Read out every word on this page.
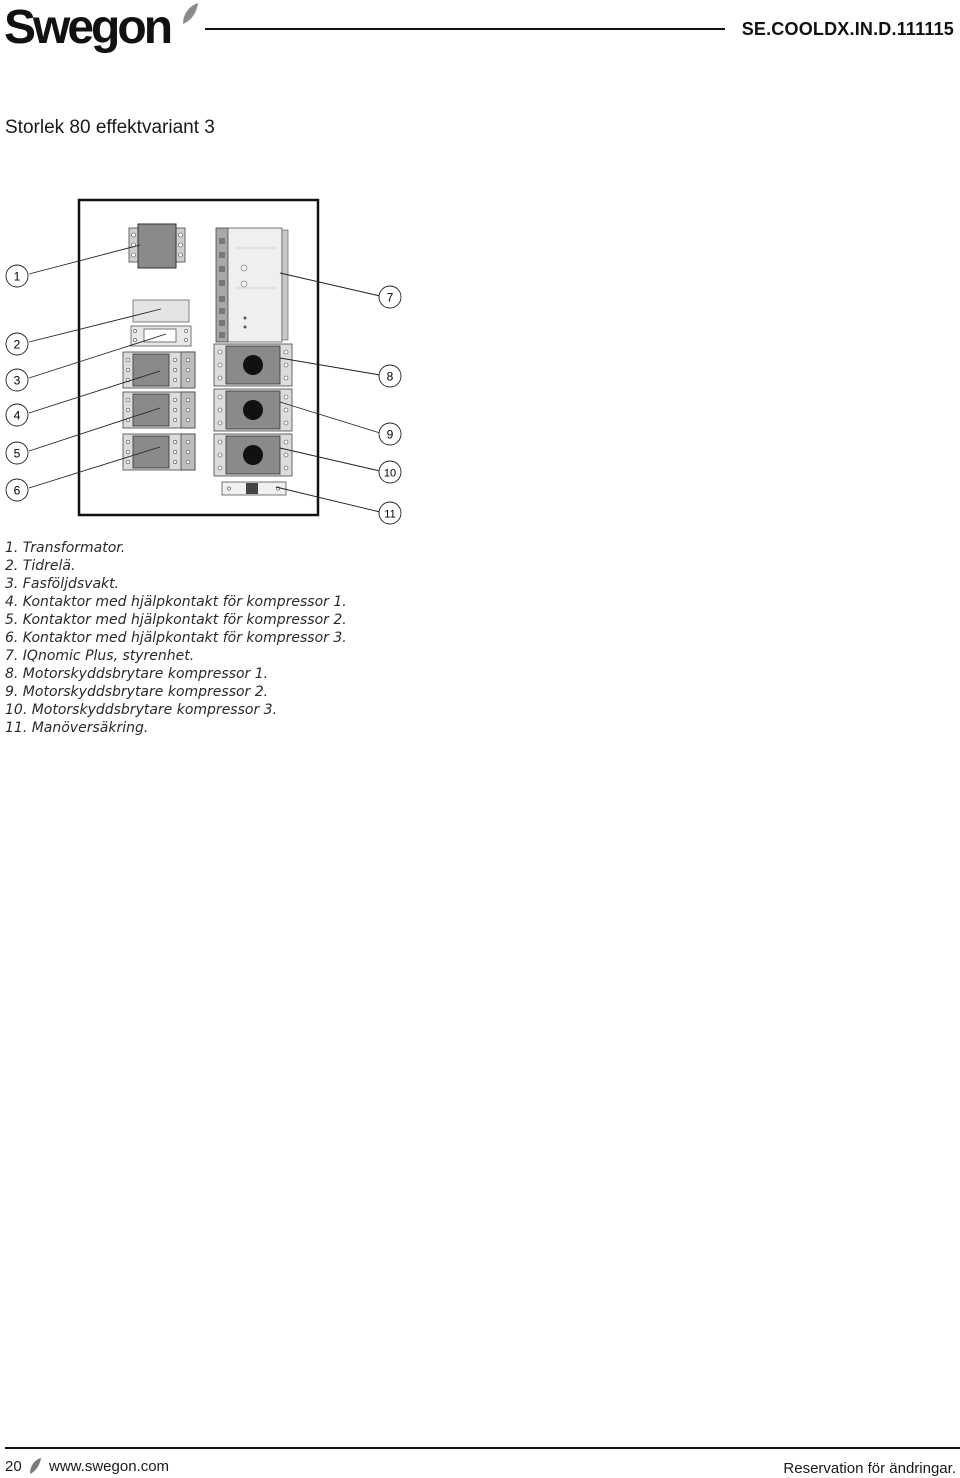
Swegon	SE.COOLDX.IN.D.111115
Storlek 80 effektvariant 3
1
2
3
4
5
6
7
8
9
10
11
1. Transformator.
2. Tidrelä.
3. Fasföljdsvakt.
4. Kontaktor med hjälpkontakt för kompressor 1.
5. Kontaktor med hjälpkontakt för kompressor 2.
6. Kontaktor med hjälpkontakt för kompressor 3.
7. IQnomic Plus, styrenhet.
8. Motorskyddsbrytare kompressor 1.
9. Motorskyddsbrytare kompressor 2.
10. Motorskyddsbrytare kompressor 3.
11. Manöversäkring.
20 www.swegon.com	Reservation för ändringar.
